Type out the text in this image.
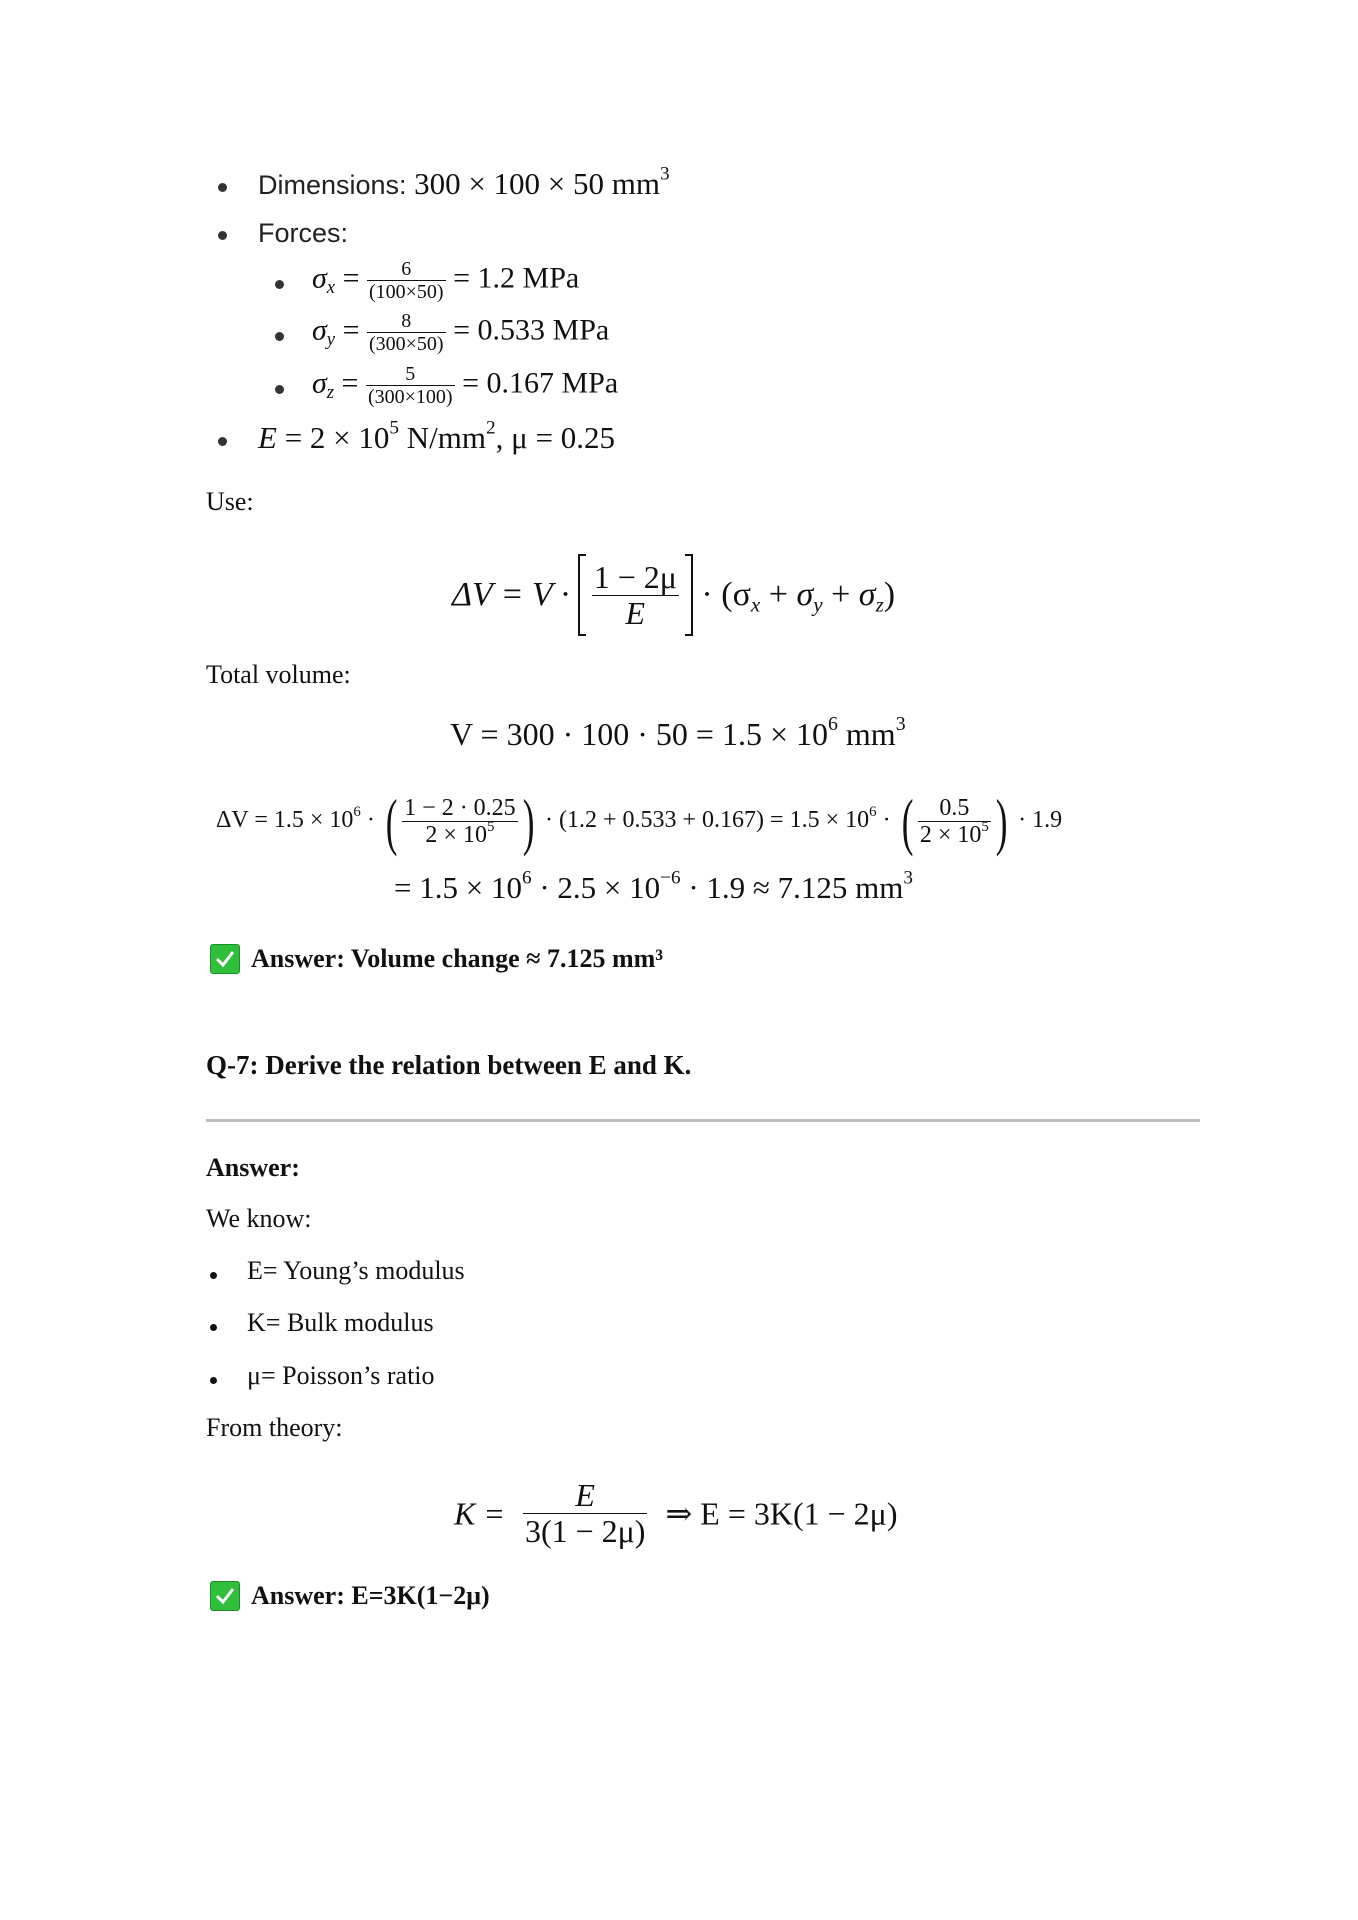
Dimensions: 300 × 100 × 50 $mm^3$
Forces:
$\sigma_x = \frac{6}{(100\times 50)} = 1.2$ MPa
$\sigma_y = \frac{8}{(300\times 50)} = 0.533$ MPa
$\sigma_z = \frac{5}{(300\times 100)} = 0.167$ MPa
$E = 2 \times 10^5$ $N/mm^2$, μ = 0.25
Use:
$\Delta V = V \cdot \frac{1 - 2\mu}{E} \cdot (\sigma_x + \sigma_y + \sigma_z)$
Total volume:
$V = 300 \cdot 100 \cdot 50 = 1.5 \times 10^6$ $mm^3$
$\Delta V = 1.5 \times 10^6$ · ( $\frac{1 - 2 \cdot 0.25}{2 \times 10^5}$ ) · $(1.2 + 0.533 + 0.167) = 1.5 \times 10^6$ · ( $\frac{0.5}{2 \times 10^5}$ ) · 1.9
= $1.5 \times 10^6 \cdot 2.5 \times 10^{-6} \cdot 1.9 \approx 7.125$ $mm^3$
Answer: Volume change ≈ 7.125 mm³
Q-7: Derive the relation between E and K.
Answer:
We know:
E= Young’s modulus
K= Bulk modulus
μ= Poisson’s ratio
From theory:
$K = \frac{E}{3(1 - 2\mu)}$ ⇒ E = 3K(1 − 2μ)
Answer: E=3K(1−2μ)
